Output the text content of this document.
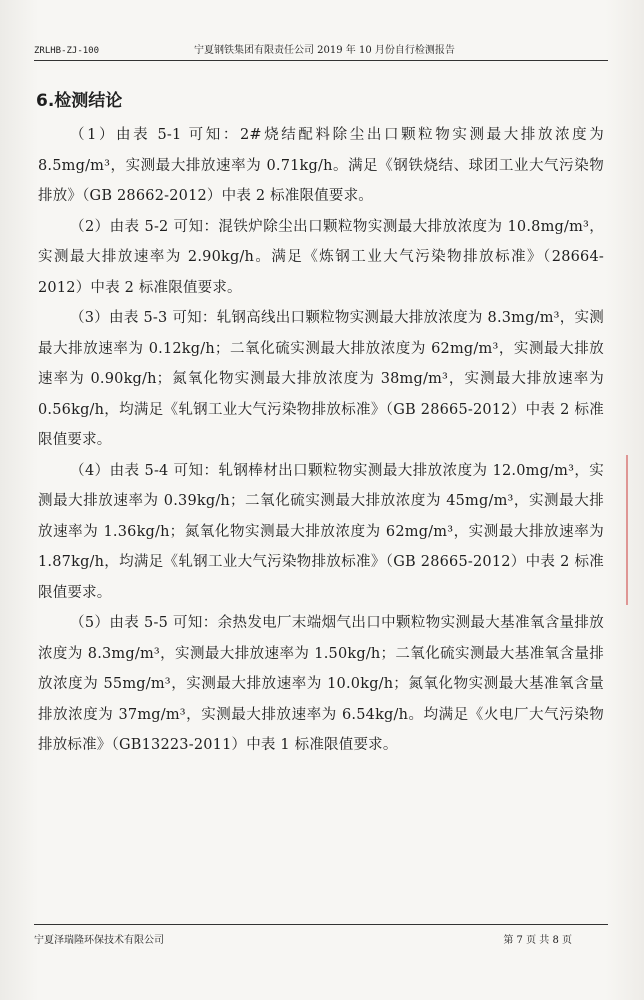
ZRLHB-ZJ-100	宁夏钢铁集团有限责任公司 2019 年 10 月份自行检测报告
6.检测结论

（1）由表 5-1 可知：2#烧结配料除尘出口颗粒物实测最大排放浓度为 8.5mg/m³，实测最大排放速率为 0.71kg/h。满足《钢铁烧结、球团工业大气污染物排放》（GB 28662-2012）中表 2 标准限值要求。

（2）由表 5-2 可知：混铁炉除尘出口颗粒物实测最大排放浓度为 10.8mg/m³，实测最大排放速率为 2.90kg/h。满足《炼钢工业大气污染物排放标准》（28664-2012）中表 2 标准限值要求。

（3）由表 5-3 可知：轧钢高线出口颗粒物实测最大排放浓度为 8.3mg/m³，实测最大排放速率为 0.12kg/h；二氧化硫实测最大排放浓度为 62mg/m³，实测最大排放速率为 0.90kg/h；氮氧化物实测最大排放浓度为 38mg/m³，实测最大排放速率为 0.56kg/h，均满足《轧钢工业大气污染物排放标准》（GB 28665-2012）中表 2 标准限值要求。

（4）由表 5-4 可知：轧钢棒材出口颗粒物实测最大排放浓度为 12.0mg/m³，实测最大排放速率为 0.39kg/h；二氧化硫实测最大排放浓度为 45mg/m³，实测最大排放速率为 1.36kg/h；氮氧化物实测最大排放浓度为 62mg/m³，实测最大排放速率为 1.87kg/h，均满足《轧钢工业大气污染物排放标准》（GB 28665-2012）中表 2 标准限值要求。

（5）由表 5-5 可知：余热发电厂末端烟气出口中颗粒物实测最大基准氧含量排放浓度为 8.3mg/m³，实测最大排放速率为 1.50kg/h；二氧化硫实测最大基准氧含量排放浓度为 55mg/m³，实测最大排放速率为 10.0kg/h；氮氧化物实测最大基准氧含量排放浓度为 37mg/m³，实测最大排放速率为 6.54kg/h。均满足《火电厂大气污染物排放标准》（GB13223-2011）中表 1 标准限值要求。

宁夏泽瑞隆环保技术有限公司	第 7 页 共 8 页
